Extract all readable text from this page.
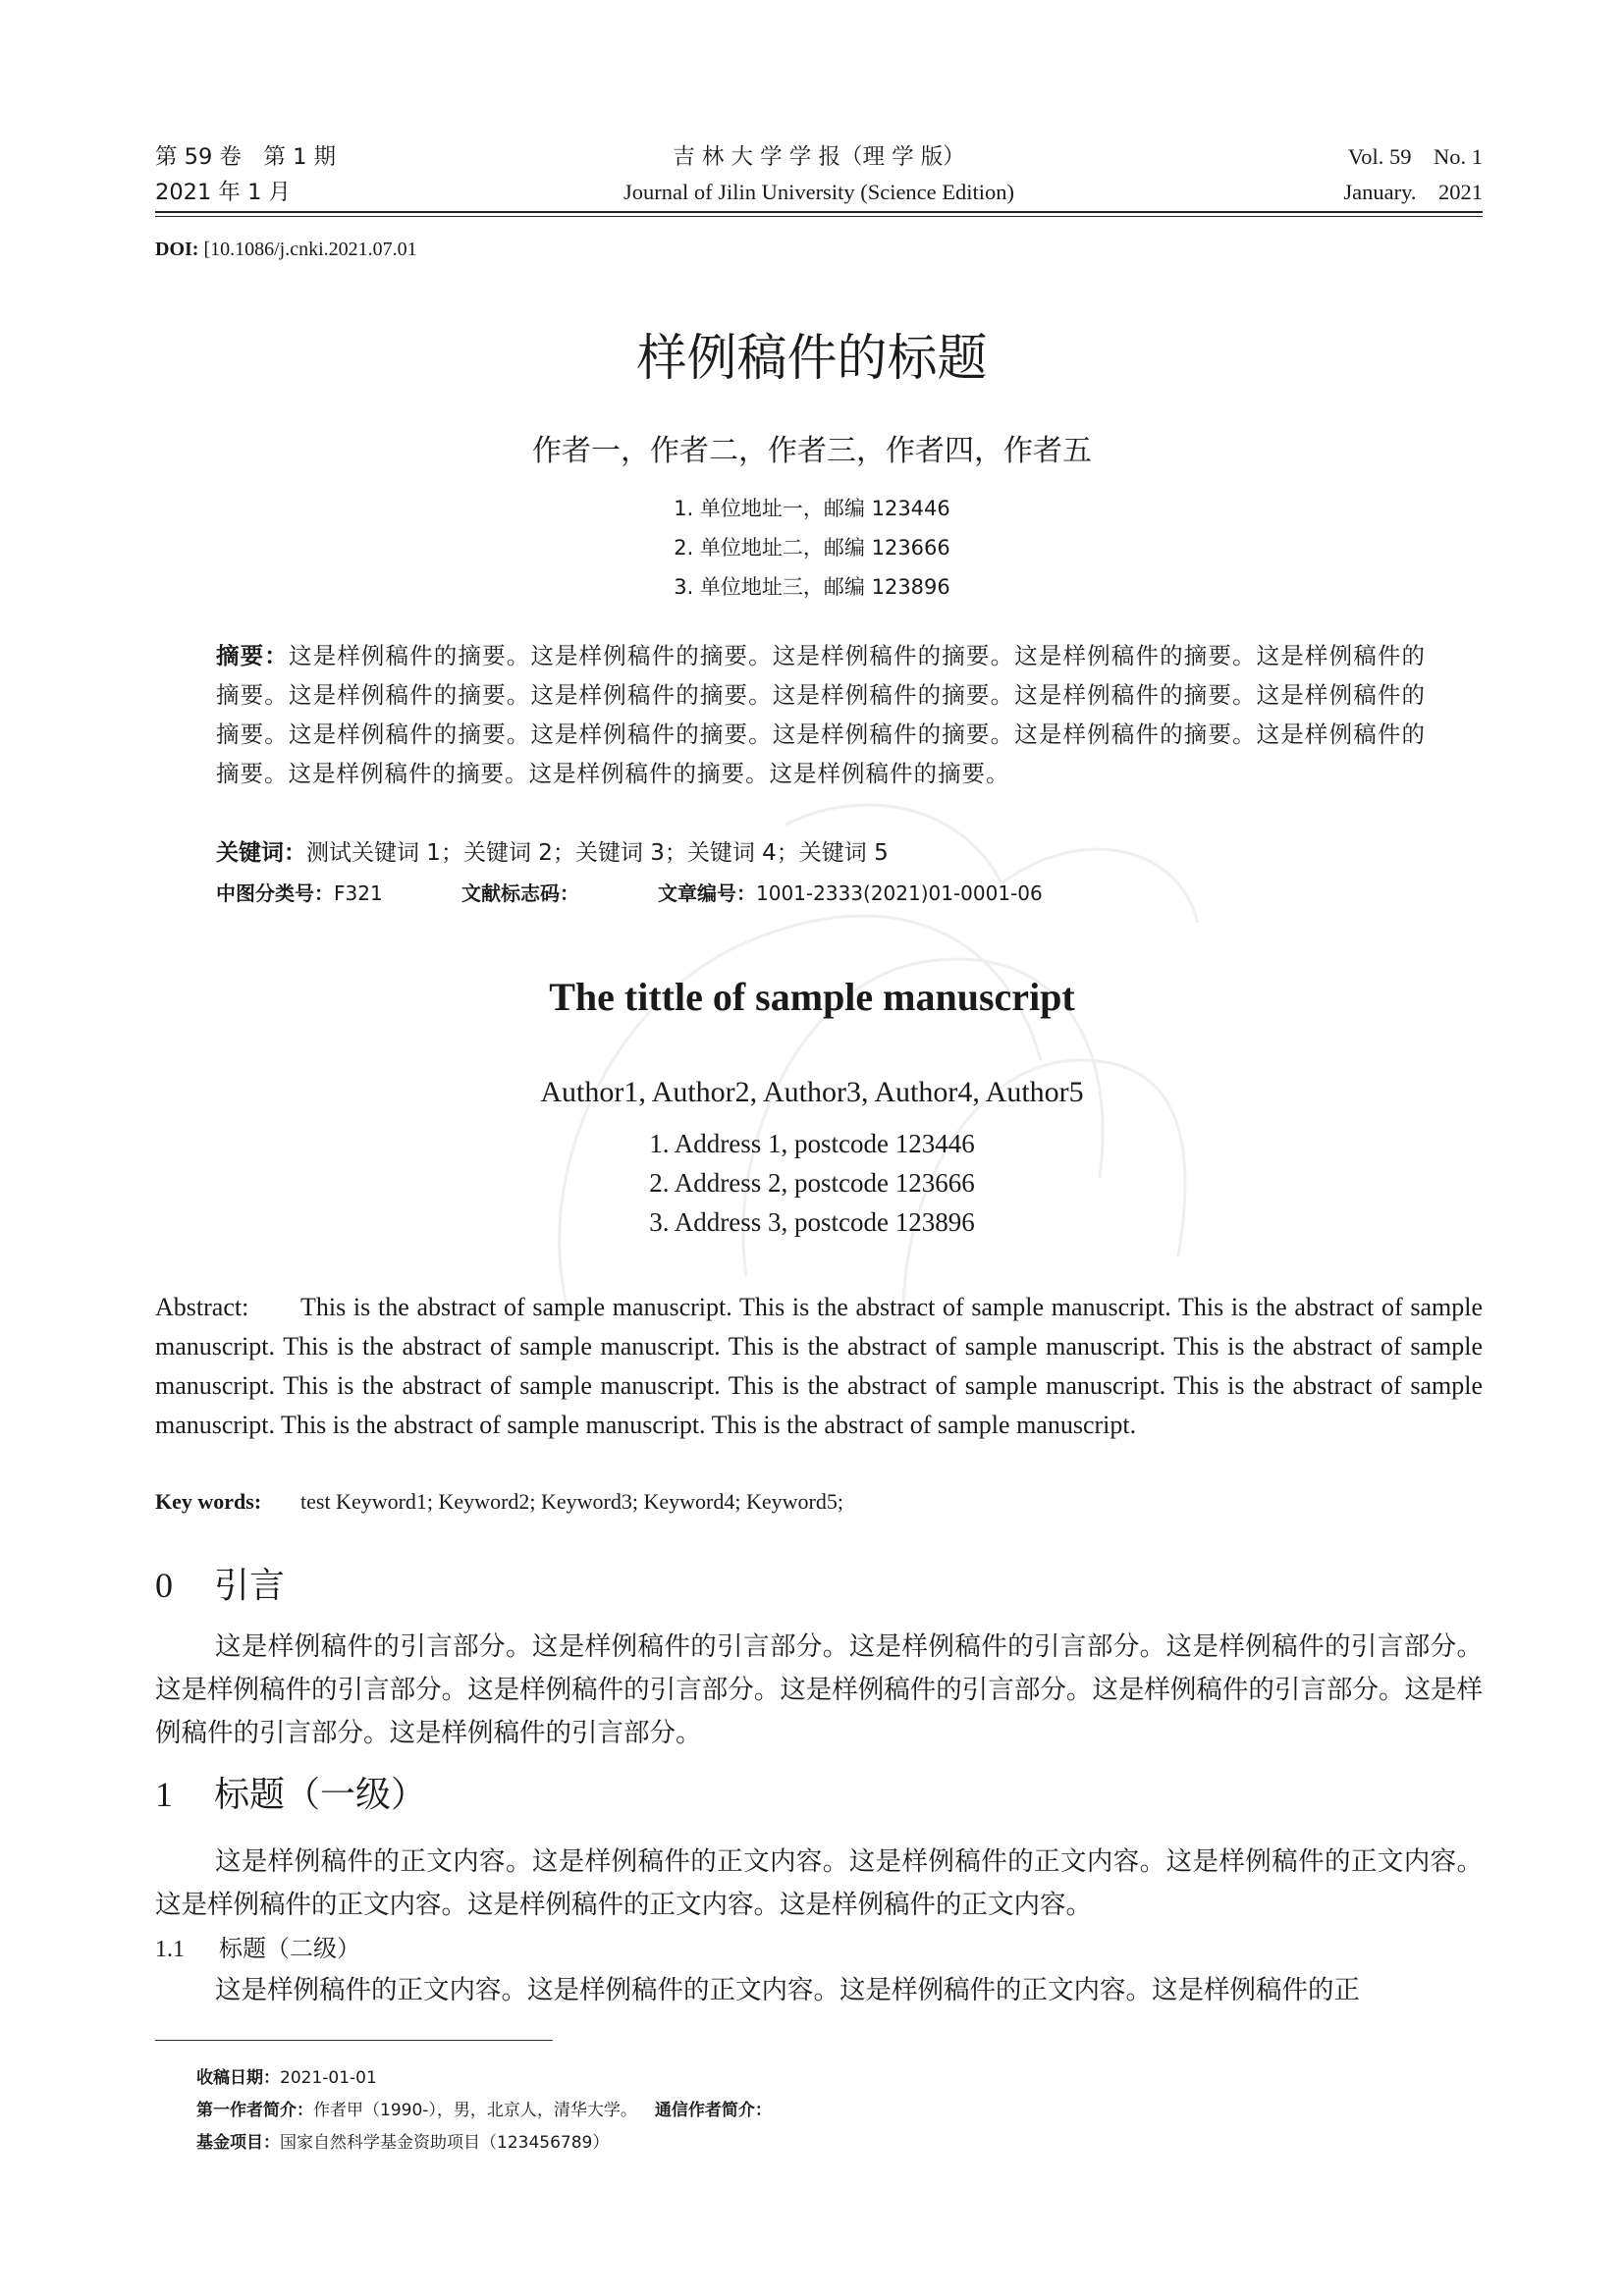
第 59 卷　第 1 期
2021 年 1 月
吉 林 大 学 学 报（理 学 版）
Journal of Jilin University (Science Edition)
Vol. 59　No. 1
January.　2021
DOI: [10.1086/j.cnki.2021.07.01
样例稿件的标题
作者一，作者二，作者三，作者四，作者五
1. 单位地址一，邮编 123446
2. 单位地址二，邮编 123666
3. 单位地址三，邮编 123896
摘要：这是样例稿件的摘要。这是样例稿件的摘要。这是样例稿件的摘要。这是样例稿件的摘要。这是样例稿件的摘要。这是样例稿件的摘要。这是样例稿件的摘要。这是样例稿件的摘要。这是样例稿件的摘要。这是样例稿件的摘要。这是样例稿件的摘要。这是样例稿件的摘要。这是样例稿件的摘要。这是样例稿件的摘要。这是样例稿件的摘要。这是样例稿件的摘要。这是样例稿件的摘要。这是样例稿件的摘要。
关键词：测试关键词 1；关键词 2；关键词 3；关键词 4；关键词 5
中图分类号：F321	文献标志码：	文章编号：1001-2333(2021)01-0001-06
The tittle of sample manuscript
Author1, Author2, Author3, Author4, Author5
1. Address 1, postcode 123446
2. Address 2, postcode 123666
3. Address 3, postcode 123896
Abstract: This is the abstract of sample manuscript. This is the abstract of sample manuscript. This is the abstract of sample manuscript. This is the abstract of sample manuscript. This is the abstract of sample manuscript. This is the abstract of sample manuscript. This is the abstract of sample manuscript. This is the abstract of sample manuscript. This is the abstract of sample manuscript. This is the abstract of sample manuscript. This is the abstract of sample manuscript.
Key words: test Keyword1; Keyword2; Keyword3; Keyword4; Keyword5;
0 引言
这是样例稿件的引言部分。这是样例稿件的引言部分。这是样例稿件的引言部分。这是样例稿件的引言部分。这是样例稿件的引言部分。这是样例稿件的引言部分。这是样例稿件的引言部分。这是样例稿件的引言部分。这是样例稿件的引言部分。这是样例稿件的引言部分。
1 标题（一级）
这是样例稿件的正文内容。这是样例稿件的正文内容。这是样例稿件的正文内容。这是样例稿件的正文内容。这是样例稿件的正文内容。这是样例稿件的正文内容。这是样例稿件的正文内容。
1.1 标题（二级）
这是样例稿件的正文内容。这是样例稿件的正文内容。这是样例稿件的正文内容。这是样例稿件的正
收稿日期：2021-01-01
第一作者简介：作者甲（1990-），男，北京人，清华大学。 通信作者简介：
基金项目：国家自然科学基金资助项目（123456789）
